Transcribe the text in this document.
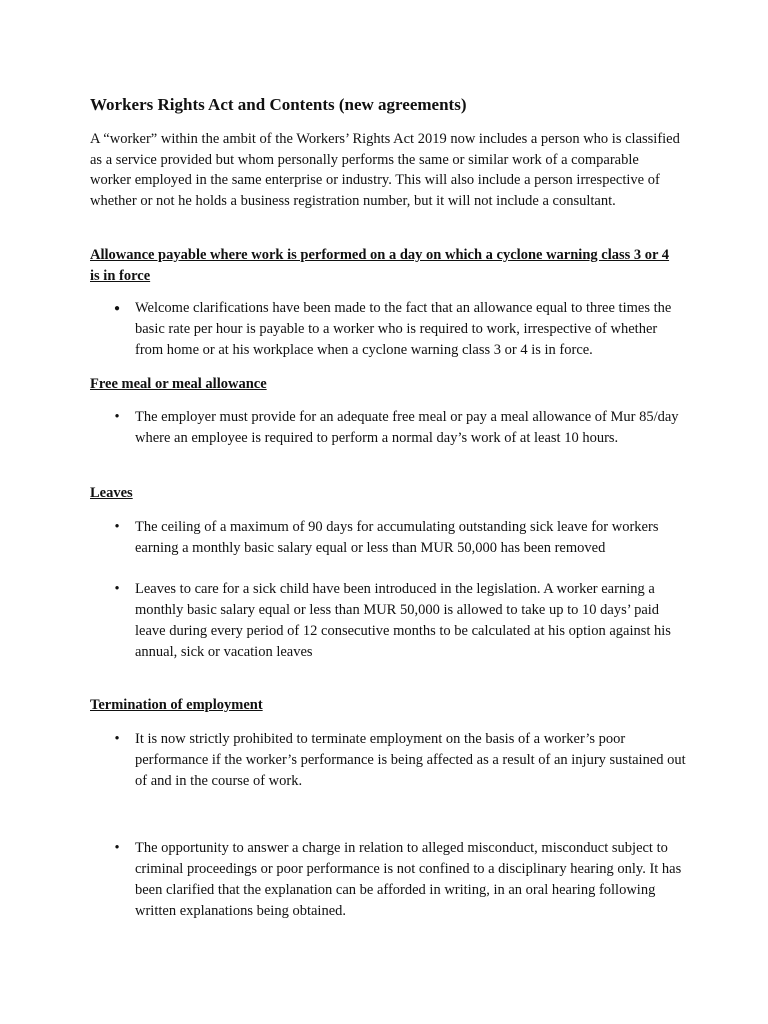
Workers Rights Act and Contents (new agreements)

A “worker” within the ambit of the Workers’ Rights Act 2019 now includes a person who is classified as a service provided but whom personally performs the same or similar work of a comparable worker employed in the same enterprise or industry. This will also include a person irrespective of whether or not he holds a business registration number, but it will not include a consultant.

Allowance payable where work is performed on a day on which a cyclone warning class 3 or 4 is in force

● Welcome clarifications have been made to the fact that an allowance equal to three times the basic rate per hour is payable to a worker who is required to work, irrespective of whether from home or at his workplace when a cyclone warning class 3 or 4 is in force.

Free meal or meal allowance

•	The employer must provide for an adequate free meal or pay a meal allowance of Mur 85/day where an employee is required to perform a normal day’s work of at least 10 hours.

Leaves

•	The ceiling of a maximum of 90 days for accumulating outstanding sick leave for workers earning a monthly basic salary equal or less than MUR 50,000 has been removed

•	Leaves to care for a sick child have been introduced in the legislation. A worker earning a monthly basic salary equal or less than MUR 50,000 is allowed to take up to 10 days’ paid leave during every period of 12 consecutive months to be calculated at his option against his annual, sick or vacation leaves

Termination of employment

•	It is now strictly prohibited to terminate employment on the basis of a worker’s poor performance if the worker’s performance is being affected as a result of an injury sustained out of and in the course of work.

•	The opportunity to answer a charge in relation to alleged misconduct, misconduct subject to criminal proceedings or poor performance is not confined to a disciplinary hearing only. It has been clarified that the explanation can be afforded in writing, in an oral hearing following written explanations being obtained.
